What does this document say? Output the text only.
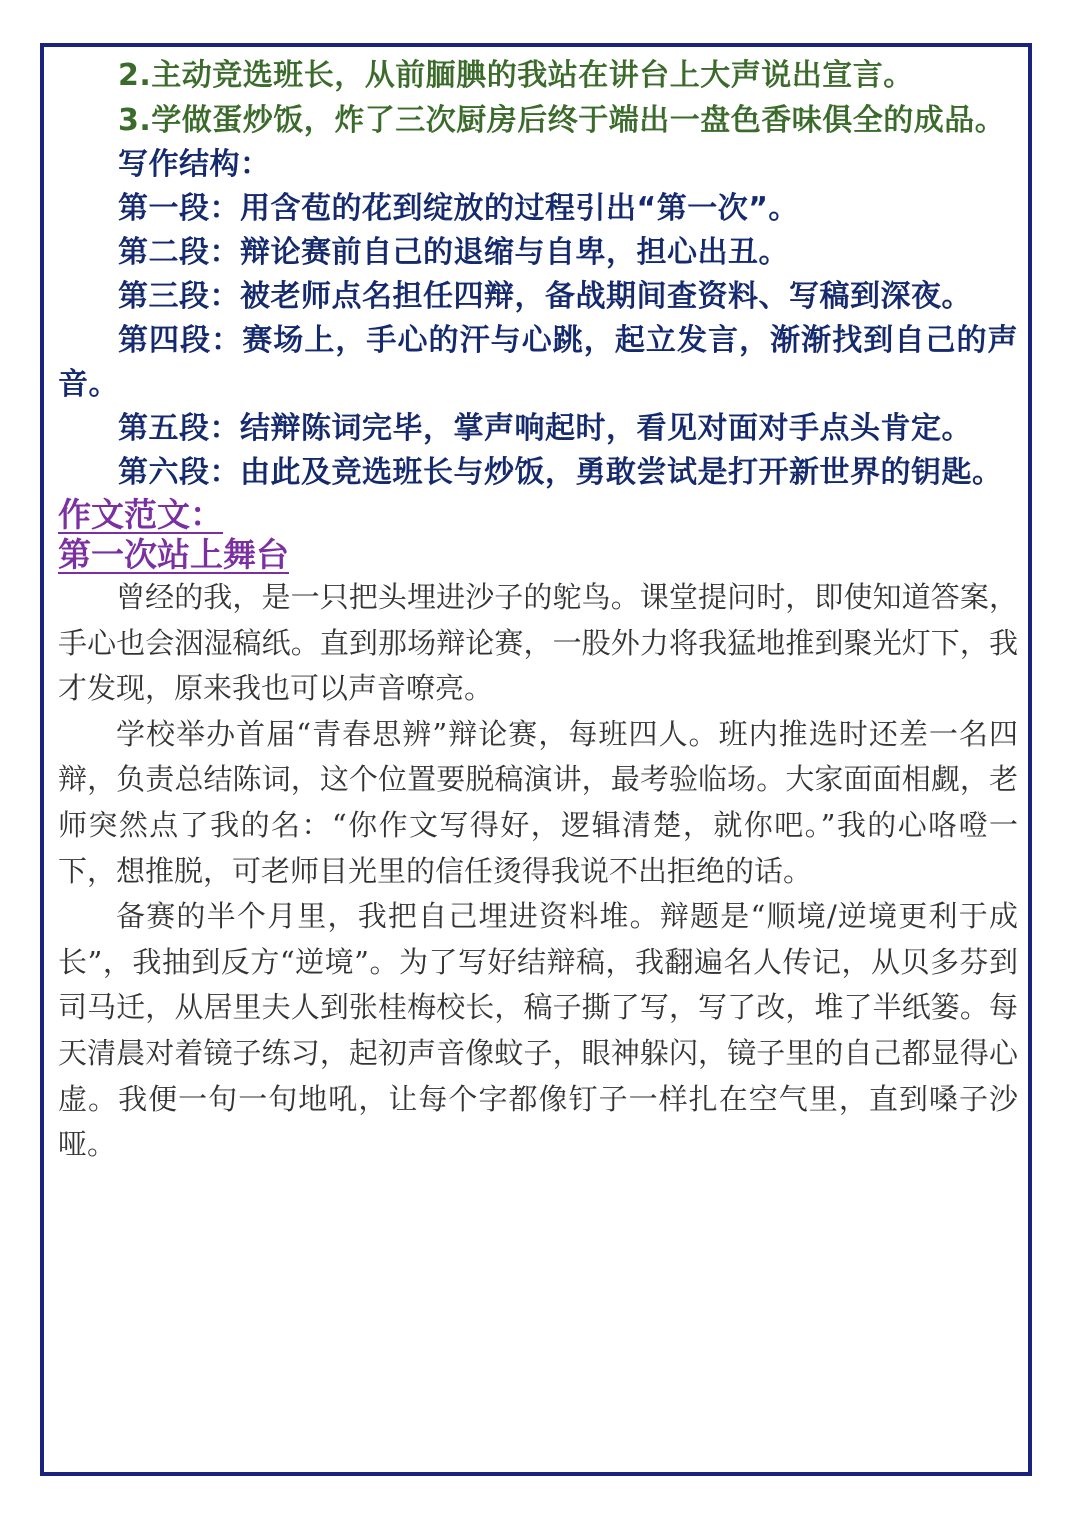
2.主动竞选班长，从前腼腆的我站在讲台上大声说出宣言。

3.学做蛋炒饭，炸了三次厨房后终于端出一盘色香味俱全的成品。

写作结构：

第一段：用含苞的花到绽放的过程引出“第一次”。

第二段：辩论赛前自己的退缩与自卑，担心出丑。

第三段：被老师点名担任四辩，备战期间查资料、写稿到深夜。

第四段：赛场上，手心的汗与心跳，起立发言，渐渐找到自己的声音。

第五段：结辩陈词完毕，掌声响起时，看见对面对手点头肯定。

第六段：由此及竞选班长与炒饭，勇敢尝试是打开新世界的钥匙。

作文范文：

第一次站上舞台

曾经的我，是一只把头埋进沙子的鸵鸟。课堂提问时，即使知道答案，手心也会洇湿稿纸。直到那场辩论赛，一股外力将我猛地推到聚光灯下，我才发现，原来我也可以声音嘹亮。

学校举办首届“青春思辨”辩论赛，每班四人。班内推选时还差一名四辩，负责总结陈词，这个位置要脱稿演讲，最考验临场。大家面面相觑，老师突然点了我的名：“你作文写得好，逻辑清楚，就你吧。”我的心咯噔一下，想推脱，可老师目光里的信任烫得我说不出拒绝的话。

备赛的半个月里，我把自己埋进资料堆。辩题是“顺境/逆境更利于成长”，我抽到反方“逆境”。为了写好结辩稿，我翻遍名人传记，从贝多芬到司马迁，从居里夫人到张桂梅校长，稿子撕了写，写了改，堆了半纸篓。每天清晨对着镜子练习，起初声音像蚊子，眼神躲闪，镜子里的自己都显得心虚。我便一句一句地吼，让每个字都像钉子一样扎在空气里，直到嗓子沙哑。
